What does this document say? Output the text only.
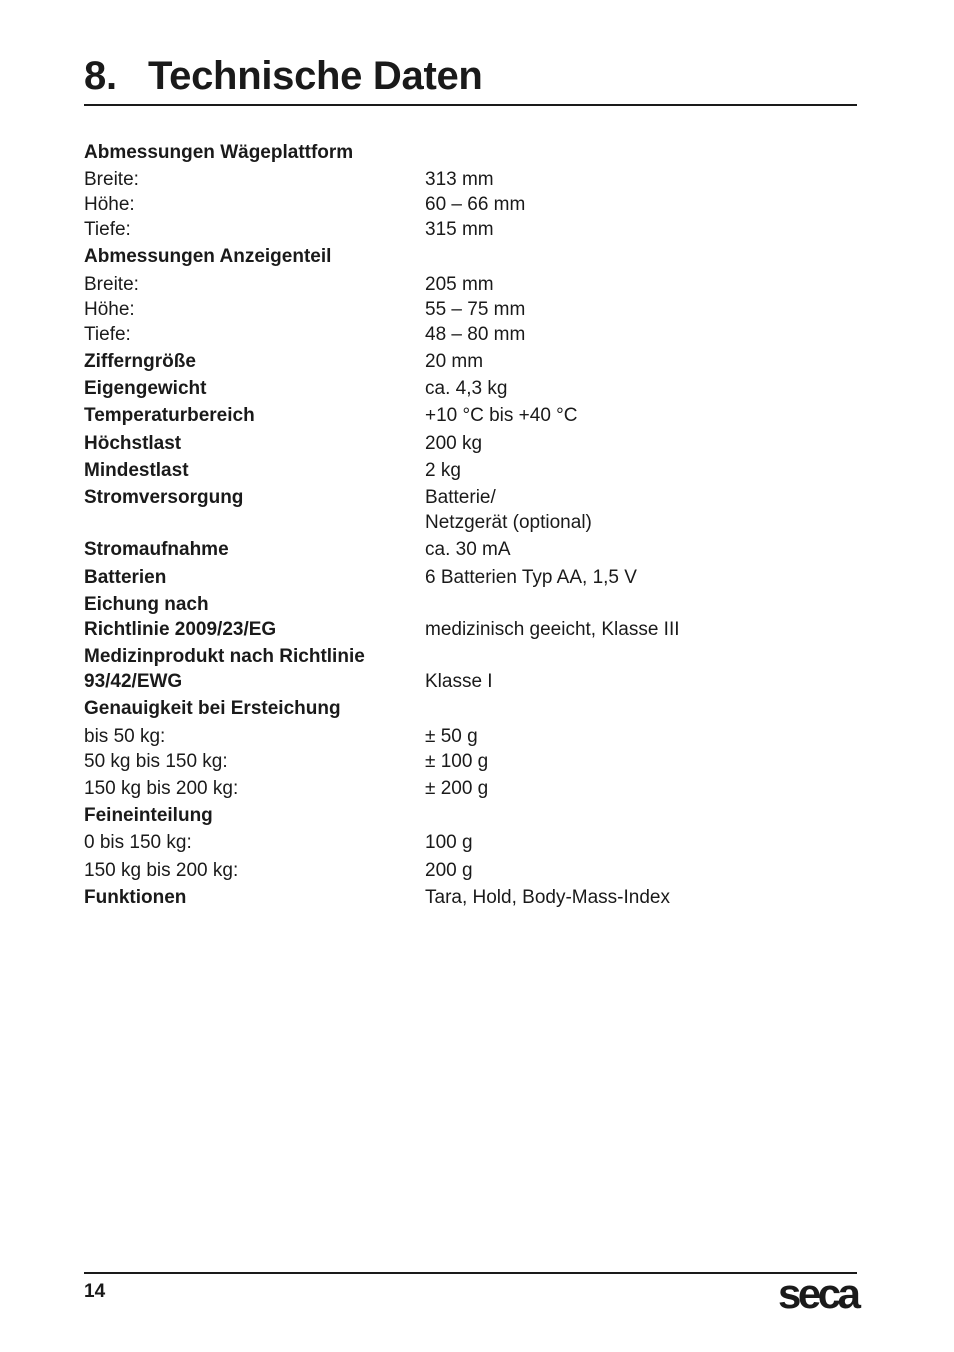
8. Technische Daten
Abmessungen Wägeplattform
Breite:	313 mm
Höhe:	60 – 66 mm
Tiefe:	315 mm
Abmessungen Anzeigenteil
Breite:	205 mm
Höhe:	55 – 75 mm
Tiefe:	48 – 80 mm
Zifferngröße	20 mm
Eigengewicht	ca. 4,3 kg
Temperaturbereich	+10 °C bis +40 °C
Höchstlast	200 kg
Mindestlast	2 kg
Stromversorgung	Batterie/
Netzgerät (optional)
Stromaufnahme	ca. 30 mA
Batterien	6 Batterien Typ AA, 1,5 V
Eichung nach
Richtlinie 2009/23/EG	medizinisch geeicht, Klasse III
Medizinprodukt nach Richtlinie
93/42/EWG	Klasse I
Genauigkeit bei Ersteichung
bis 50 kg:	± 50 g
50 kg bis 150 kg:	± 100 g
150 kg bis 200 kg:	± 200 g
Feineinteilung
0 bis 150 kg:	100 g
150 kg bis 200 kg:	200 g
Funktionen	Tara, Hold, Body-Mass-Index
14	seca
